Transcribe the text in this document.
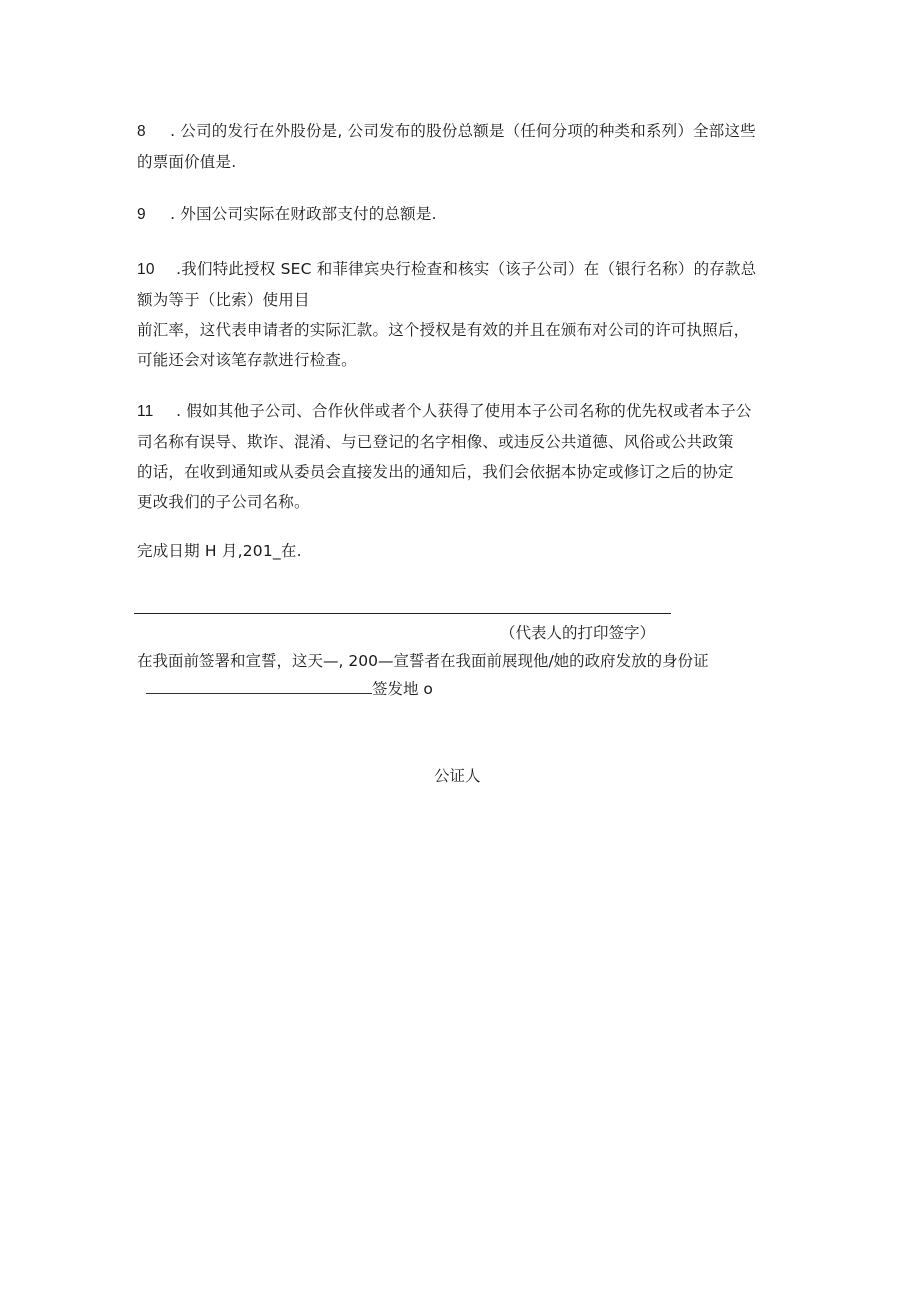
8 . 公司的发行在外股份是, 公司发布的股份总额是（任何分项的种类和系列）全部这些
的票面价值是.
9 . 外国公司实际在财政部支付的总额是.
10 .我们特此授权 SEC 和菲律宾央行检查和核实（该子公司）在（银行名称）的存款总
额为等于（比索）使用目
前汇率，这代表申请者的实际汇款。这个授权是有效的并且在颁布对公司的许可执照后，
可能还会对该笔存款进行检查。
11 . 假如其他子公司、合作伙伴或者个人获得了使用本子公司名称的优先权或者本子公
司名称有误导、欺诈、混淆、与已登记的名字相像、或违反公共道德、风俗或公共政策
的话，在收到通知或从委员会直接发出的通知后，我们会依据本协定或修订之后的协定
更改我们的子公司名称。
完成日期 H 月,201_在.
（代表人的打印签字）
在我面前签署和宣誓，这天—, 200—宣誓者在我面前展现他/她的政府发放的身份证
签发地 o
公证人
